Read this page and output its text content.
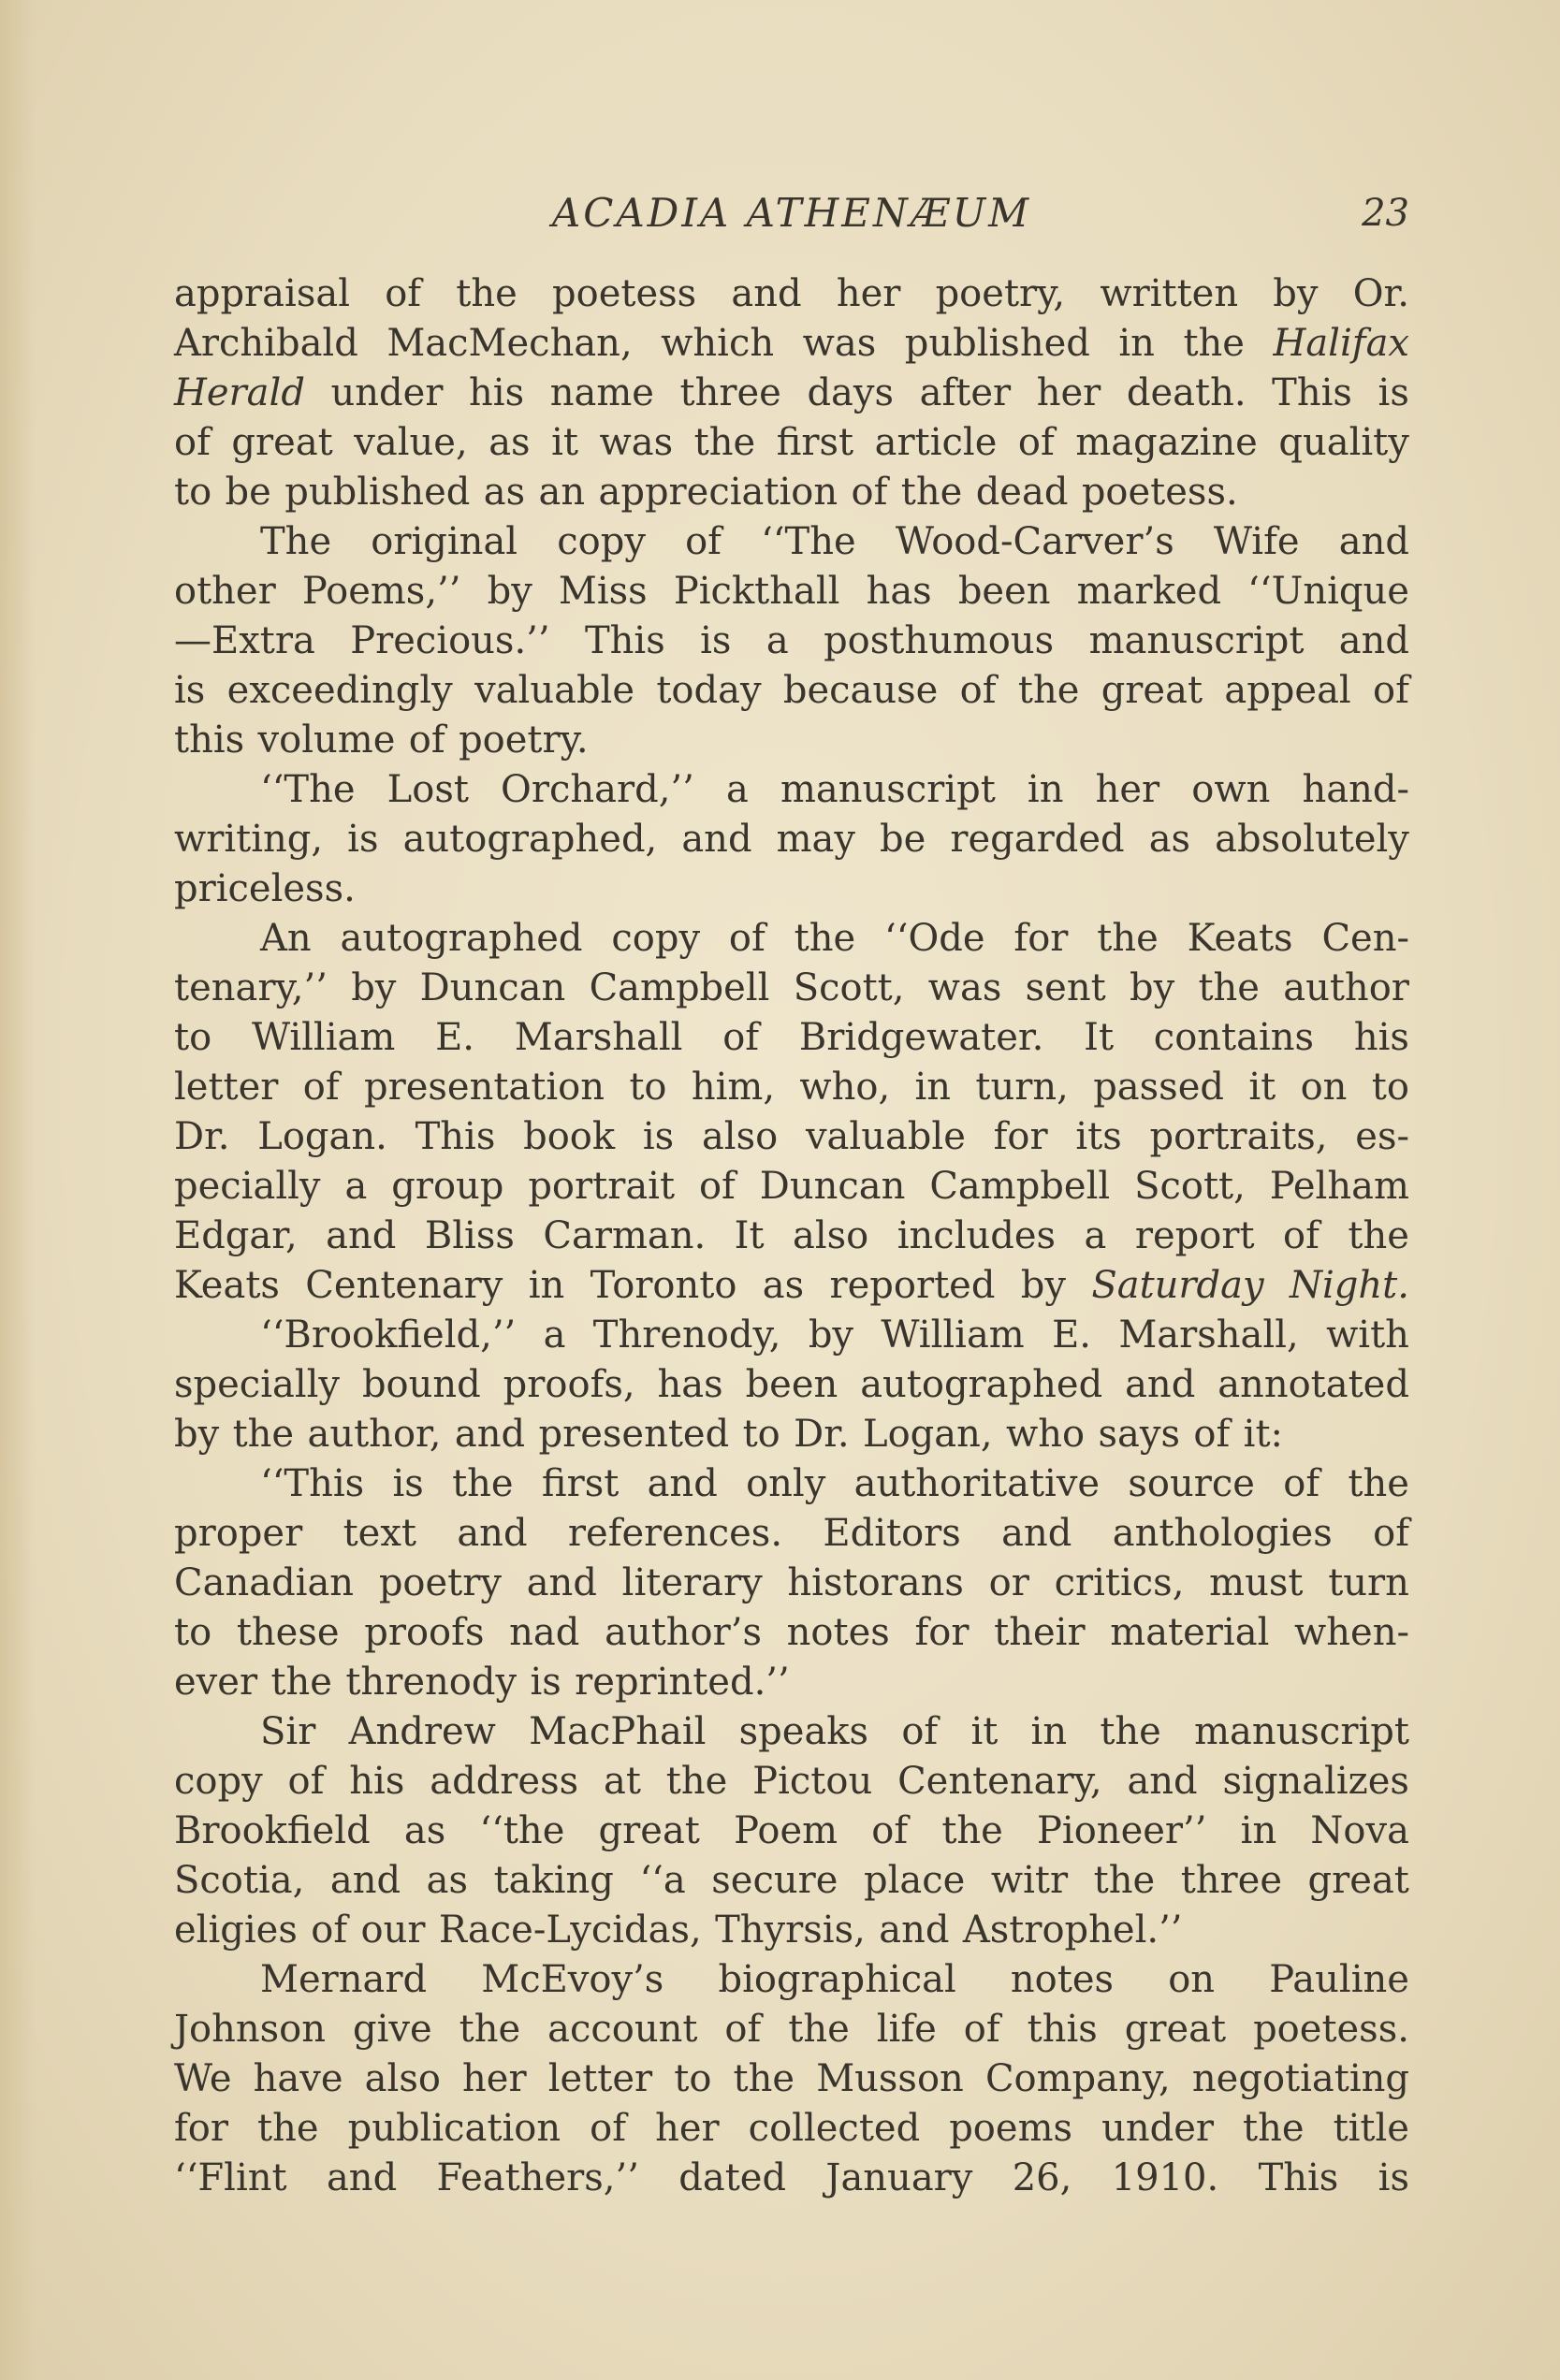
ACADIA ATHENÆUM	23
appraisal of the poetess and her poetry, written by Or.
Archibald MacMechan, which was published in the Halifax
Herald under his name three days after her death. This is
of great value, as it was the first article of magazine quality
to be published as an appreciation of the dead poetess.
The original copy of ‘‘The Wood-Carver’s Wife and
other Poems,’’ by Miss Pickthall has been marked ‘‘Unique
—Extra Precious.’’ This is a posthumous manuscript and
is exceedingly valuable today because of the great appeal of
this volume of poetry.
‘‘The Lost Orchard,’’ a manuscript in her own hand-
writing, is autographed, and may be regarded as absolutely
priceless.
An autographed copy of the ‘‘Ode for the Keats Cen-
tenary,’’ by Duncan Campbell Scott, was sent by the author
to William E. Marshall of Bridgewater. It contains his
letter of presentation to him, who, in turn, passed it on to
Dr. Logan. This book is also valuable for its portraits, es-
pecially a group portrait of Duncan Campbell Scott, Pelham
Edgar, and Bliss Carman. It also includes a report of the
Keats Centenary in Toronto as reported by Saturday Night.
‘‘Brookfield,’’ a Threnody, by William E. Marshall, with
specially bound proofs, has been autographed and annotated
by the author, and presented to Dr. Logan, who says of it:
‘‘This is the first and only authoritative source of the
proper text and references. Editors and anthologies of
Canadian poetry and literary historans or critics, must turn
to these proofs nad author’s notes for their material when-
ever the threnody is reprinted.’’
Sir Andrew MacPhail speaks of it in the manuscript
copy of his address at the Pictou Centenary, and signalizes
Brookfield as ‘‘the great Poem of the Pioneer’’ in Nova
Scotia, and as taking ‘‘a secure place witr the three great
eligies of our Race-Lycidas, Thyrsis, and Astrophel.’’
Mernard McEvoy’s biographical notes on Pauline
Johnson give the account of the life of this great poetess.
We have also her letter to the Musson Company, negotiating
for the publication of her collected poems under the title
‘‘Flint and Feathers,’’ dated January 26, 1910. This is
